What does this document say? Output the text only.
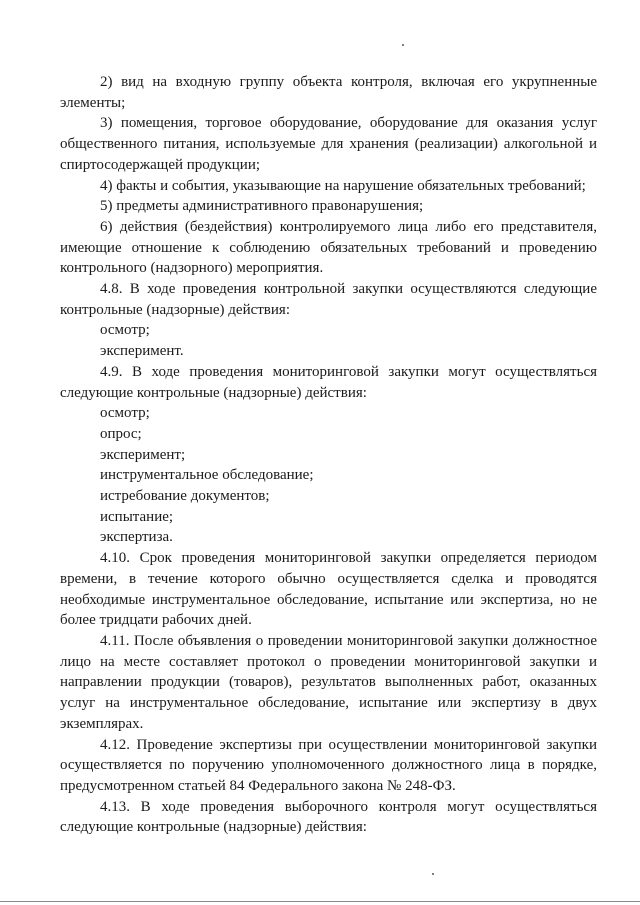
2) вид на входную группу объекта контроля, включая его укрупненные элементы;

3) помещения, торговое оборудование, оборудование для оказания услуг общественного питания, используемые для хранения (реализации) алкогольной и спиртосодержащей продукции;

4) факты и события, указывающие на нарушение обязательных требований;

5) предметы административного правонарушения;

6) действия (бездействия) контролируемого лица либо его представителя, имеющие отношение к соблюдению обязательных требований и проведению контрольного (надзорного) мероприятия.

4.8. В ходе проведения контрольной закупки осуществляются следующие контрольные (надзорные) действия:

осмотр;

эксперимент.

4.9. В ходе проведения мониторинговой закупки могут осуществляться следующие контрольные (надзорные) действия:

осмотр;

опрос;

эксперимент;

инструментальное обследование;

истребование документов;

испытание;

экспертиза.

4.10. Срок проведения мониторинговой закупки определяется периодом времени, в течение которого обычно осуществляется сделка и проводятся необходимые инструментальное обследование, испытание или экспертиза, но не более тридцати рабочих дней.

4.11. После объявления о проведении мониторинговой закупки должностное лицо на месте составляет протокол о проведении мониторинговой закупки и направлении продукции (товаров), результатов выполненных работ, оказанных услуг на инструментальное обследование, испытание или экспертизу в двух экземплярах.

4.12. Проведение экспертизы при осуществлении мониторинговой закупки осуществляется по поручению уполномоченного должностного лица в порядке, предусмотренном статьей 84 Федерального закона № 248-ФЗ.

4.13. В ходе проведения выборочного контроля могут осуществляться следующие контрольные (надзорные) действия:
